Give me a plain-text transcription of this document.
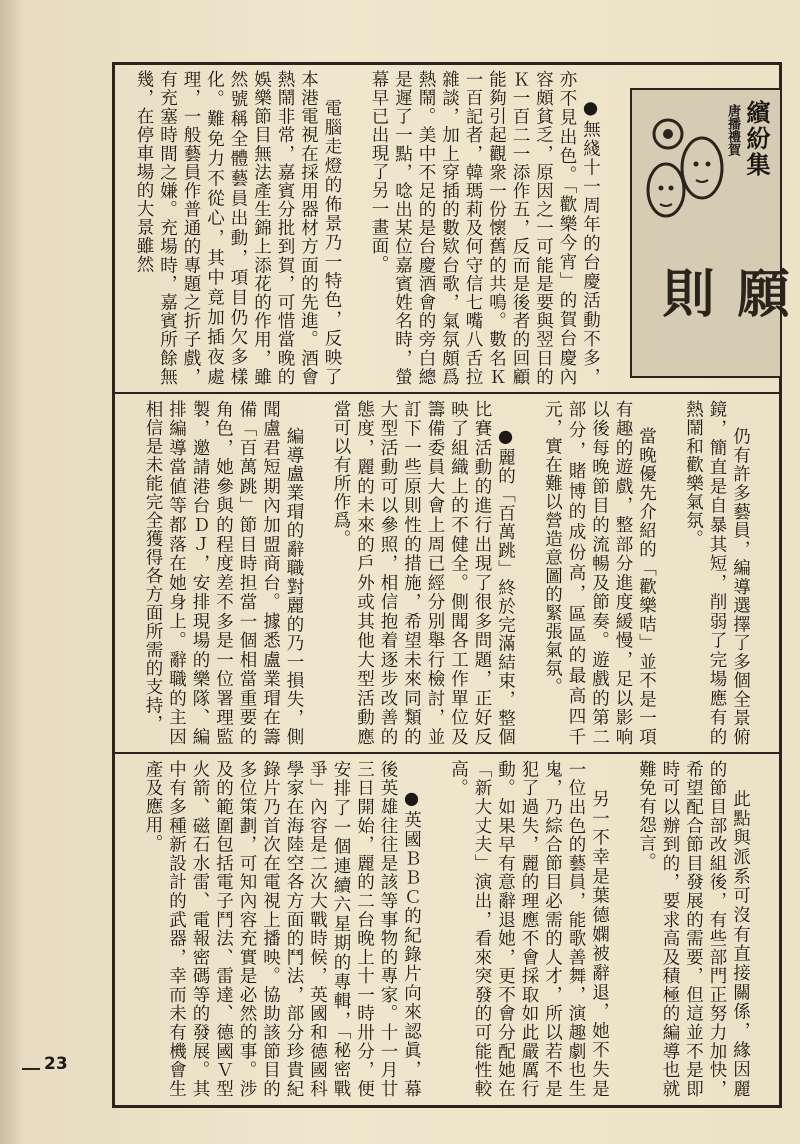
繽紛集
唐播禮賀
願則

●無綫十一周年的台慶活動不多，亦不見出色。「歡樂今宵」的賀台慶內容頗貧乏，原因之一可能是要與翌日的Ｋ一百二一添作五，反而是後者的回顧能夠引起觀衆一份懷舊的共鳴。數名Ｋ一百記者，韓瑪莉及何守信七嘴八舌拉雜談，加上穿插的數欵台歌，氣氛頗爲熱鬧。美中不足的是台慶酒會的旁白總是遲了一點，唸出某位嘉賓姓名時，螢幕早已出現了另一畫面。

電腦走燈的佈景乃一特色，反映了本港電視在採用器材方面的先進。酒會熱鬧非常，嘉賓分批到賀，可惜當晚的娛樂節目無法產生錦上添花的作用，雖然號稱全體藝員出動，項目仍欠多樣化。難免力不從心，其中竟加插夜處理，一般藝員作普通的專題之折子戲，有充塞時間之嫌。充場時，嘉賓所餘無幾，在停車場的大景雖然

仍有許多藝員，編導選擇了多個全景俯鏡，簡直是自暴其短，削弱了完場應有的熱鬧和歡樂氣氛。

當晚優先介紹的「歡樂咭」並不是一項有趣的遊戲，整部分進度緩慢，足以影响以後每晚節目的流暢及節奏。遊戲的第二部分，賭博的成份高，區區的最高四千元，實在難以營造意圖的緊張氣氛。

●麗的「百萬跳」終於完滿結束，整個比賽活動的進行出現了很多問題，正好反映了組織上的不健全。側聞各工作單位及籌備委員大會上周已經分別舉行檢討，並訂下一些原則性的措施，希望未來同類的大型活動可以參照，相信抱着逐步改善的態度，麗的未來的戶外或其他大型活動應當可以有所作爲。

編導盧業瑁的辭職對麗的乃一損失，側聞盧君短期內加盟商台。據悉盧業瑁在籌備「百萬跳」節目時担當一個相當重要的角色，她參與的程度差不多是一位署理監製，邀請港台ＤＪ，安排現場的樂隊、編排編導當値等都落在她身上。辭職的主因相信是未能完全獲得各方面所需的支持，

此點與派系可沒有直接關係，緣因麗的節目部改組後，有些部門正努力加快，希望配合節目發展的需要，但這並不是即時可以辦到的，要求高及積極的編導也就難免有怨言。

另一不幸是葉德嫻被辭退，她不失是一位出色的藝員，能歌善舞，演趣劇也生鬼，乃綜合節目必需的人才，所以若不是犯了過失，麗的理應不會採取如此嚴厲行動。如果早有意辭退她，更不會分配她在「新大丈夫」演出，看來突發的可能性較高。

●英國ＢＢＣ的紀錄片向來認眞，幕後英雄往往是該等事物的專家。十一月廿三日開始，麗的二台晚上十一時卅分，便安排了一個連續六星期的專輯，「秘密戰爭」內容是二次大戰時候，英國和德國科學家在海陸空各方面的鬥法，部分珍貴紀錄片乃首次在電視上播映。協助該節目的多位策劃，可知內容充實是必然的事。涉及的範圍包括電子鬥法、雷達、德國Ｖ型火箭、磁石水雷、電報密碼等的發展。其中有多種新設計的武器，幸而未有機會生產及應用。

23
